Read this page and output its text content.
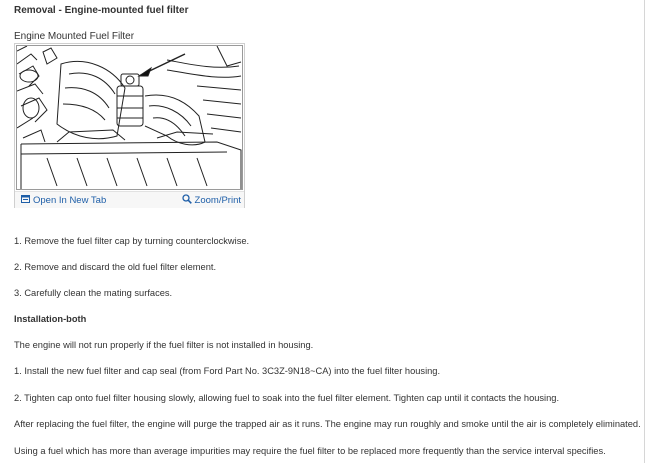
Removal - Engine-mounted fuel filter
Engine Mounted Fuel Filter
Open In New Tab	Zoom/Print
1. Remove the fuel filter cap by turning counterclockwise.
2. Remove and discard the old fuel filter element.
3. Carefully clean the mating surfaces.
Installation-both
The engine will not run properly if the fuel filter is not installed in housing.
1. Install the new fuel filter and cap seal (from Ford Part No. 3C3Z-9N18~CA) into the fuel filter housing.
2. Tighten cap onto fuel filter housing slowly, allowing fuel to soak into the fuel filter element. Tighten cap until it contacts the housing.
After replacing the fuel filter, the engine will purge the trapped air as it runs. The engine may run roughly and smoke until the air is completely eliminated.
Using a fuel which has more than average impurities may require the fuel filter to be replaced more frequently than the service interval specifies.
